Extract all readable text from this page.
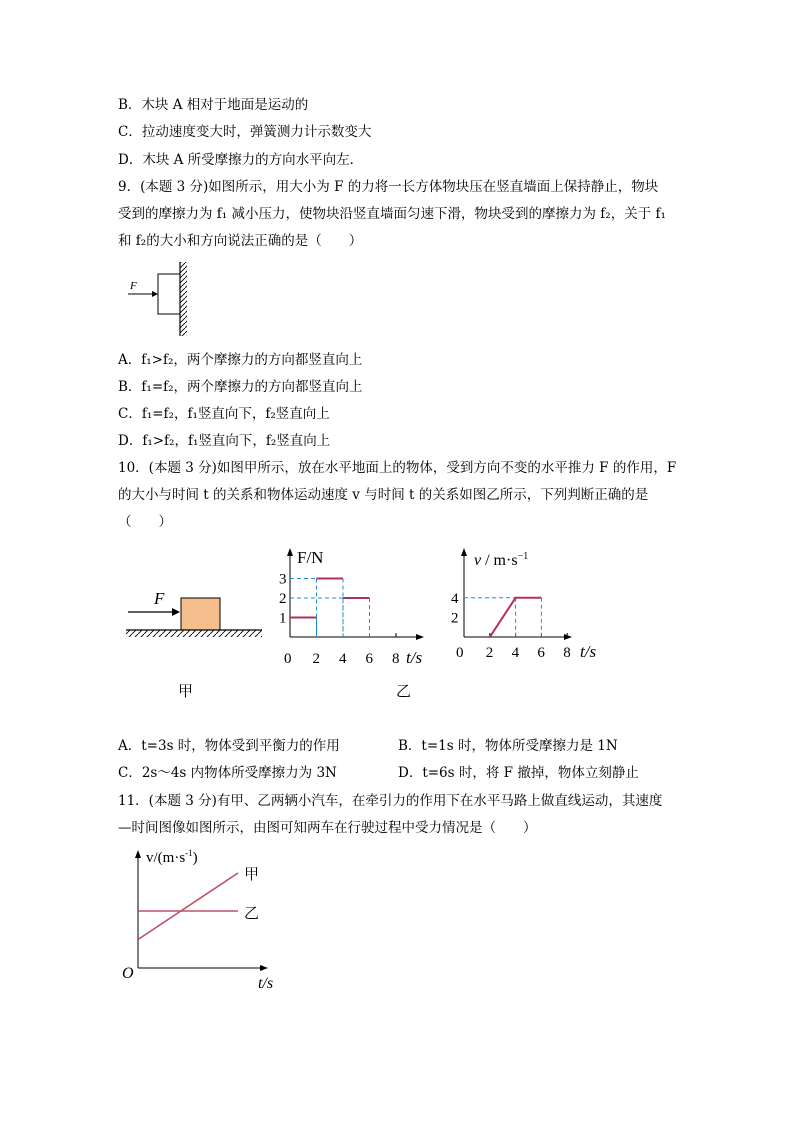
B．木块 A 相对于地面是运动的
C．拉动速度变大时，弹簧测力计示数变大
D．木块 A 所受摩擦力的方向水平向左．
9．(本题 3 分)如图所示，用大小为 F 的力将一长方体物块压在竖直墙面上保持静止，物块
受到的摩擦力为 f₁ 减小压力，使物块沿竖直墙面匀速下滑，物块受到的摩擦力为 f₂，关于 f₁
和 f₂的大小和方向说法正确的是（　　）
F
A．f₁>f₂，两个摩擦力的方向都竖直向上
B．f₁=f₂，两个摩擦力的方向都竖直向上
C．f₁=f₂，f₁竖直向下，f₂竖直向上
D．f₁>f₂，f₁竖直向下，f₂竖直向上
10．(本题 3 分)如图甲所示，放在水平地面上的物体，受到方向不变的水平推力 F 的作用，F
的大小与时间 t 的关系和物体运动速度 v 与时间 t 的关系如图乙所示，下列判断正确的是
（　　）
F
甲
F/N
t/s
0 2 4 6 8
1
2
3
$v / m\cdot s^{-1}$
t/s
0 2 4 6 8
2
4
乙
A．t=3s 时，物体受到平衡力的作用	B．t=1s 时，物体所受摩擦力是 1N
C．2s～4s 内物体所受摩擦力为 3N	D．t=6s 时，将 F 撤掉，物体立刻静止
11．(本题 3 分)有甲、乙两辆小汽车，在牵引力的作用下在水平马路上做直线运动，其速度
—时间图像如图所示，由图可知两车在行驶过程中受力情况是（　　）
$v/(m\cdot s^{-1})$
O
t/s
甲
乙
